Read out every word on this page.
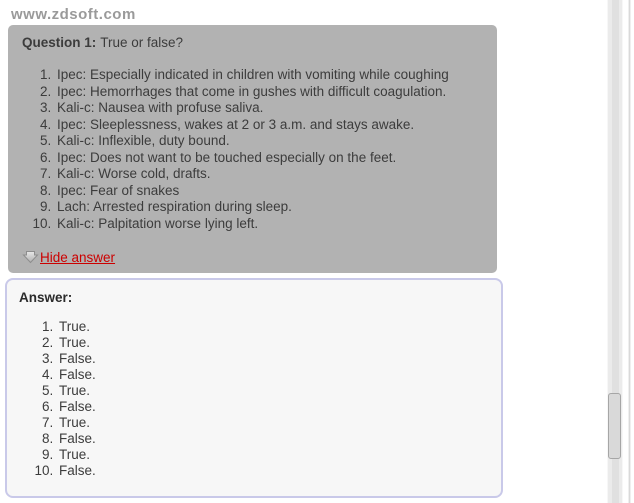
www.zdsoft.com
Question 1: True or false?
1. Ipec: Especially indicated in children with vomiting while coughing
2. Ipec: Hemorrhages that come in gushes with difficult coagulation.
3. Kali-c: Nausea with profuse saliva.
4. Ipec: Sleeplessness, wakes at 2 or 3 a.m. and stays awake.
5. Kali-c: Inflexible, duty bound.
6. Ipec: Does not want to be touched especially on the feet.
7. Kali-c: Worse cold, drafts.
8. Ipec: Fear of snakes
9. Lach: Arrested respiration during sleep.
10. Kali-c: Palpitation worse lying left.
Hide answer
Answer:
1. True.
2. True.
3. False.
4. False.
5. True.
6. False.
7. True.
8. False.
9. True.
10. False.
